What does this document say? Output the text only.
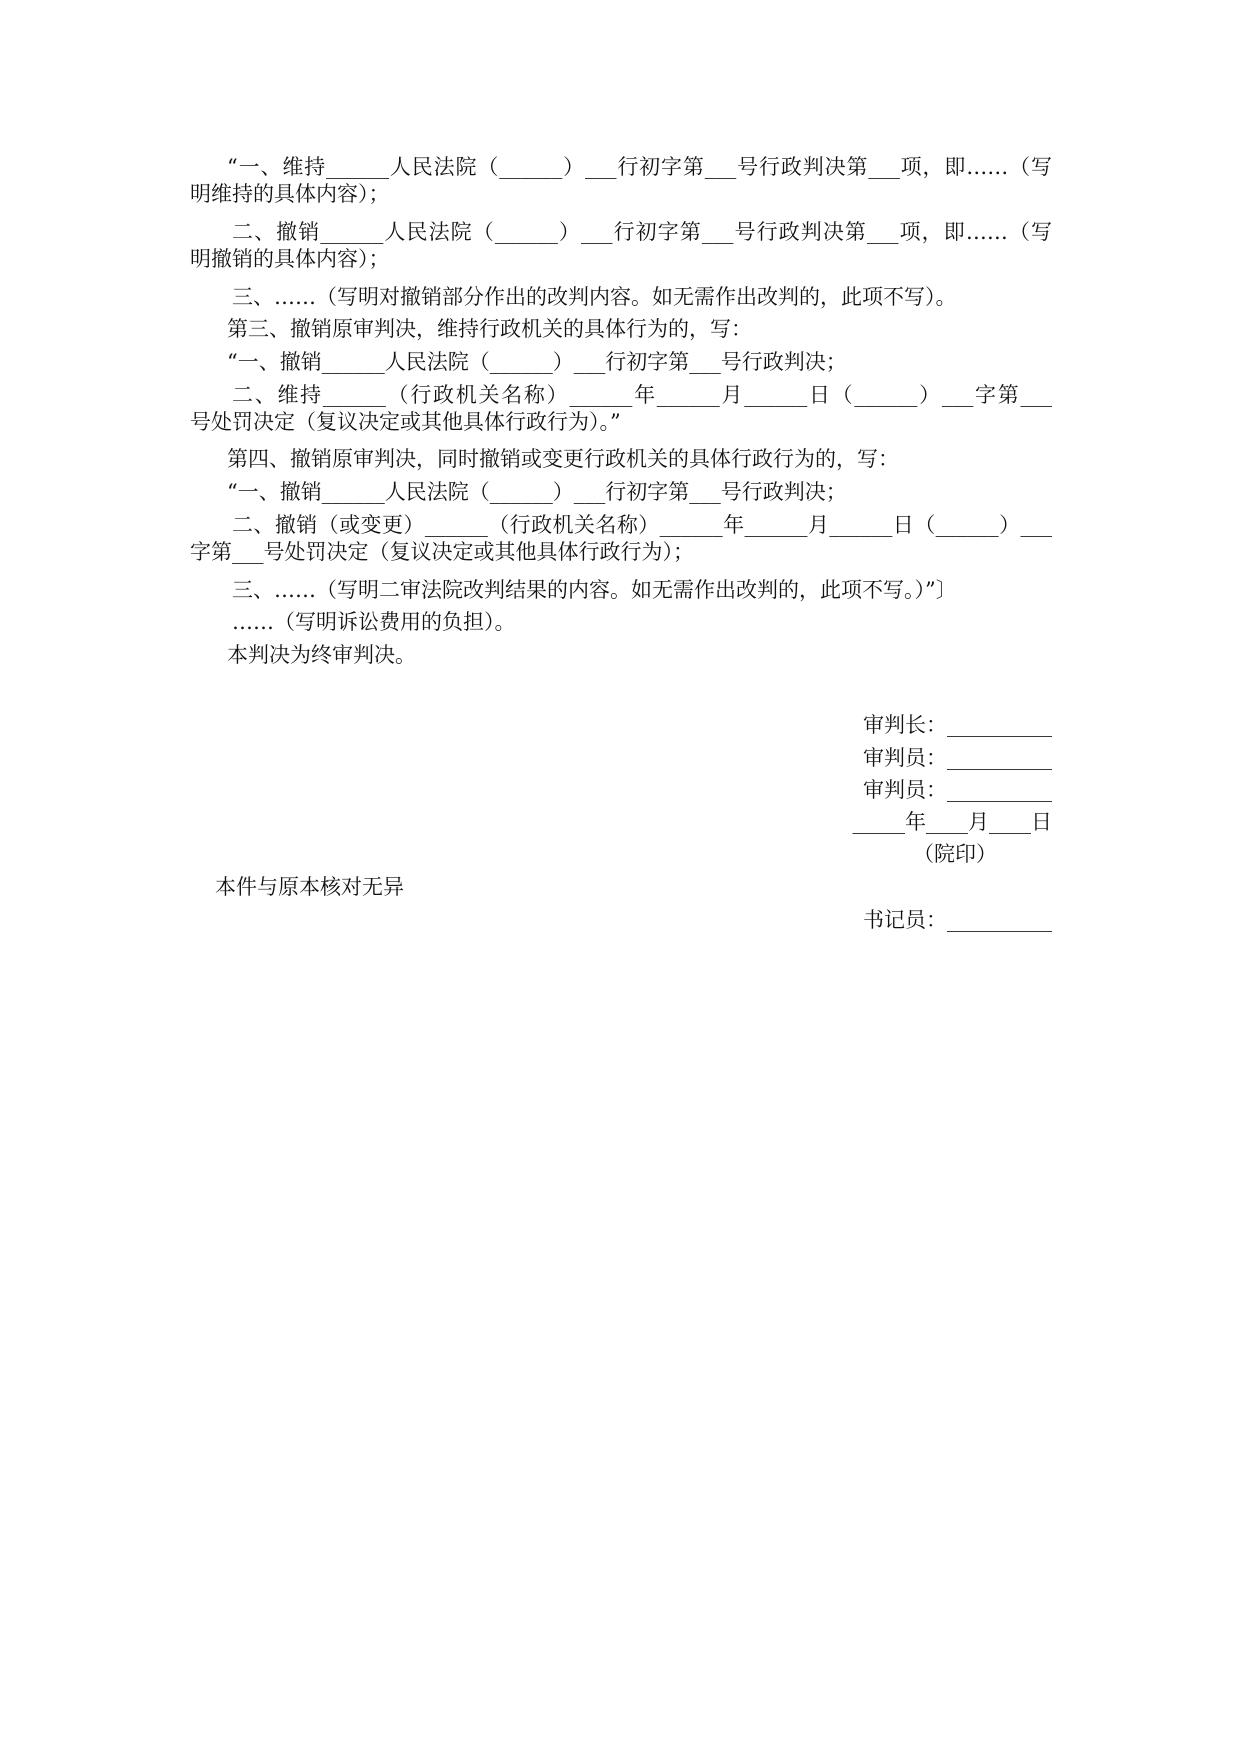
“一、维持______人民法院（______）___行初字第___号行政判决第___项，即……（写

明维持的具体内容）；

二、撤销______人民法院（______）___行初字第___号行政判决第___项，即……（写

明撤销的具体内容）；

三、……（写明对撤销部分作出的改判内容。如无需作出改判的，此项不写）。

第三、撤销原审判决，维持行政机关的具体行为的，写：

“一、撤销______人民法院（______）___行初字第___号行政判决；

二、维持______（行政机关名称）______年______月______日（______）___字第___

号处罚决定（复议决定或其他具体行政行为）。”

第四、撤销原审判决，同时撤销或变更行政机关的具体行政行为的，写：

“一、撤销______人民法院（______）___行初字第___号行政判决；

二、撤销（或变更）______（行政机关名称）______年______月______日（______）___

字第___号处罚决定（复议决定或其他具体行政行为）；

三、……（写明二审法院改判结果的内容。如无需作出改判的，此项不写。）”〕

……（写明诉讼费用的负担）。

本判决为终审判决。

审判长：__________

审判员：__________

审判员：__________

_____年____月____日

（院印）

本件与原本核对无异

书记员：__________
